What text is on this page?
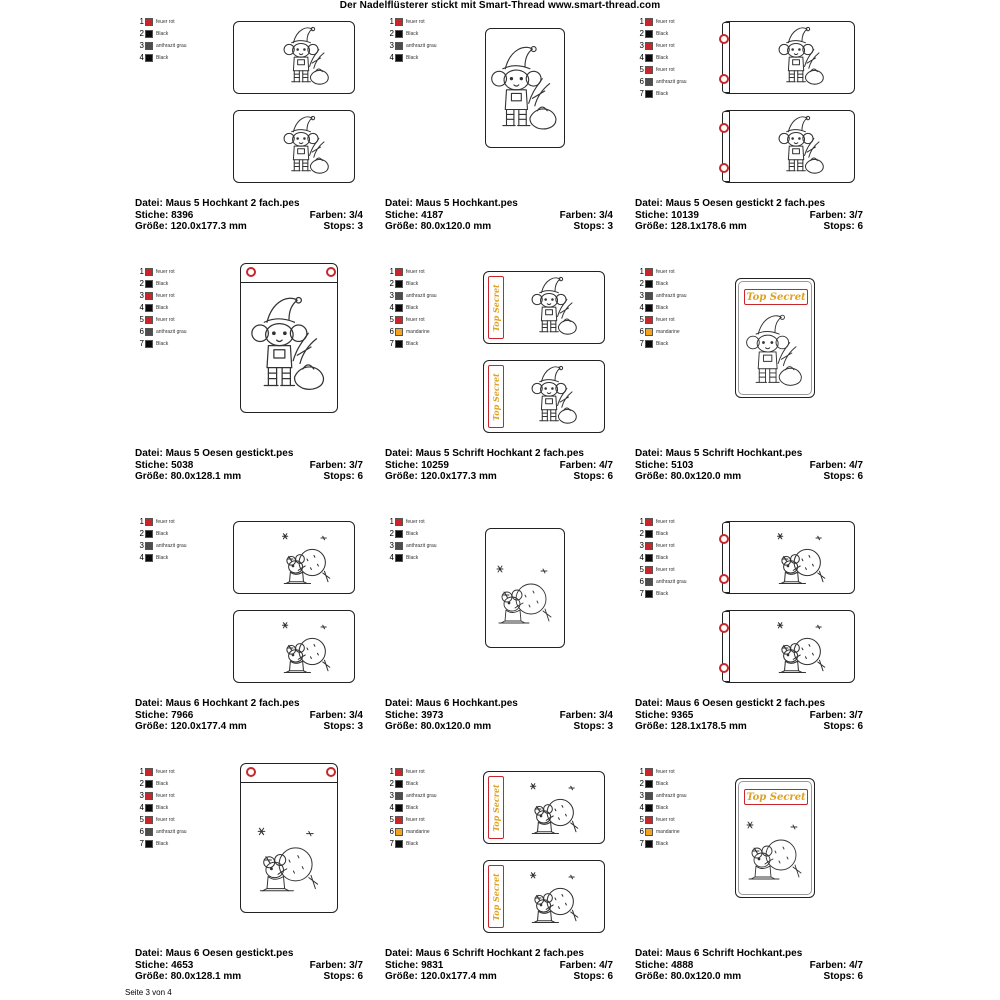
Der Nadelflüsterer stickt mit Smart-Thread www.smart-thread.com
1 feuer rot
2 Black
3 anthrazit grau
4 Black
Datei: Maus 5 Hochkant 2 fach.pes
Stiche: 8396	Farben: 3/4
Größe: 120.0x177.3 mm	Stops: 3
1 feuer rot
2 Black
3 anthrazit grau
4 Black
Datei: Maus 5 Hochkant.pes
Stiche: 4187	Farben: 3/4
Größe: 80.0x120.0 mm	Stops: 3
1 feuer rot
2 Black
3 feuer rot
4 Black
5 feuer rot
6 anthrazit grau
7 Black
Datei: Maus 5 Oesen gestickt 2 fach.pes
Stiche: 10139	Farben: 3/7
Größe: 128.1x178.6 mm	Stops: 6
1 feuer rot
2 Black
3 feuer rot
4 Black
5 feuer rot
6 anthrazit grau
7 Black
Datei: Maus 5 Oesen gestickt.pes
Stiche: 5038	Farben: 3/7
Größe: 80.0x128.1 mm	Stops: 6
1 feuer rot
2 Black
3 anthrazit grau
4 Black
5 feuer rot
6 mandarine
7 Black
Top Secret
Top Secret
Datei: Maus 5 Schrift Hochkant 2 fach.pes
Stiche: 10259	Farben: 4/7
Größe: 120.0x177.3 mm	Stops: 6
1 feuer rot
2 Black
3 anthrazit grau
4 Black
5 feuer rot
6 mandarine
7 Black
Top Secret
Datei: Maus 5 Schrift Hochkant.pes
Stiche: 5103	Farben: 4/7
Größe: 80.0x120.0 mm	Stops: 6
1 feuer rot
2 Black
3 anthrazit grau
4 Black
Datei: Maus 6 Hochkant 2 fach.pes
Stiche: 7966	Farben: 3/4
Größe: 120.0x177.4 mm	Stops: 3
1 feuer rot
2 Black
3 anthrazit grau
4 Black
Datei: Maus 6 Hochkant.pes
Stiche: 3973	Farben: 3/4
Größe: 80.0x120.0 mm	Stops: 3
1 feuer rot
2 Black
3 feuer rot
4 Black
5 feuer rot
6 anthrazit grau
7 Black
Datei: Maus 6 Oesen gestickt 2 fach.pes
Stiche: 9365	Farben: 3/7
Größe: 128.1x178.5 mm	Stops: 6
1 feuer rot
2 Black
3 feuer rot
4 Black
5 feuer rot
6 anthrazit grau
7 Black
Datei: Maus 6 Oesen gestickt.pes
Stiche: 4653	Farben: 3/7
Größe: 80.0x128.1 mm	Stops: 6
1 feuer rot
2 Black
3 anthrazit grau
4 Black
5 feuer rot
6 mandarine
7 Black
Top Secret
Top Secret
Datei: Maus 6 Schrift Hochkant 2 fach.pes
Stiche: 9831	Farben: 4/7
Größe: 120.0x177.4 mm	Stops: 6
1 feuer rot
2 Black
3 anthrazit grau
4 Black
5 feuer rot
6 mandarine
7 Black
Top Secret
Datei: Maus 6 Schrift Hochkant.pes
Stiche: 4888	Farben: 4/7
Größe: 80.0x120.0 mm	Stops: 6
Seite 3 von 4
